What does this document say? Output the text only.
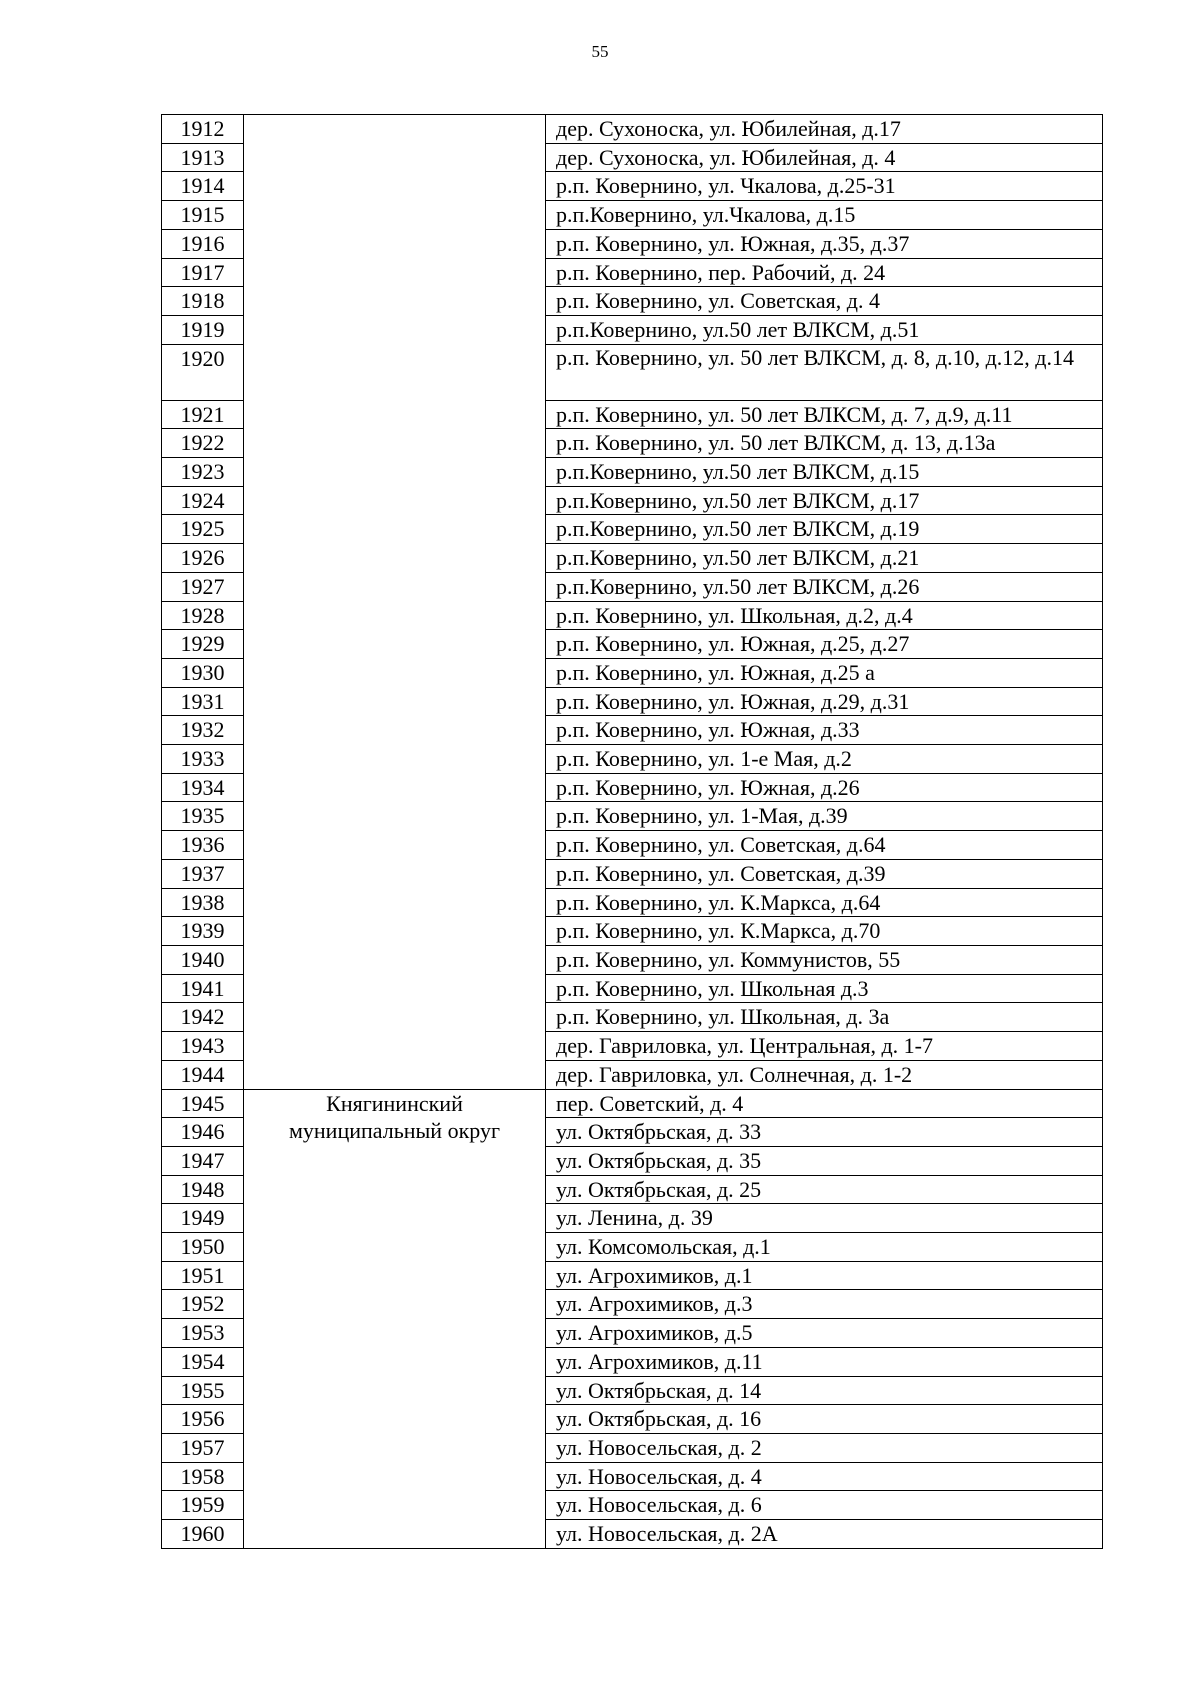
55
1912		дер. Сухоноска, ул. Юбилейная, д.17
1913		дер. Сухоноска, ул. Юбилейная, д. 4
1914		р.п. Ковернино, ул. Чкалова, д.25-31
1915		р.п.Ковернино, ул.Чкалова, д.15
1916		р.п. Ковернино, ул. Южная, д.35, д.37
1917		р.п. Ковернино, пер. Рабочий, д. 24
1918		р.п. Ковернино, ул. Советская, д. 4
1919		р.п.Ковернино, ул.50 лет ВЛКСМ, д.51
1920		р.п. Ковернино, ул. 50 лет ВЛКСМ, д. 8, д.10, д.12, д.14
1921		р.п. Ковернино, ул. 50 лет ВЛКСМ, д. 7, д.9, д.11
1922		р.п. Ковернино, ул. 50 лет ВЛКСМ, д. 13, д.13а
1923		р.п.Ковернино, ул.50 лет ВЛКСМ, д.15
1924		р.п.Ковернино, ул.50 лет ВЛКСМ, д.17
1925		р.п.Ковернино, ул.50 лет ВЛКСМ, д.19
1926		р.п.Ковернино, ул.50 лет ВЛКСМ, д.21
1927		р.п.Ковернино, ул.50 лет ВЛКСМ, д.26
1928		р.п. Ковернино, ул. Школьная, д.2, д.4
1929		р.п. Ковернино, ул. Южная, д.25, д.27
1930		р.п. Ковернино, ул. Южная, д.25 а
1931		р.п. Ковернино, ул. Южная, д.29, д.31
1932		р.п. Ковернино, ул. Южная, д.33
1933		р.п. Ковернино, ул. 1-е Мая, д.2
1934		р.п. Ковернино, ул. Южная, д.26
1935		р.п. Ковернино, ул. 1-Мая, д.39
1936		р.п. Ковернино, ул. Советская, д.64
1937		р.п. Ковернино, ул. Советская, д.39
1938		р.п. Ковернино, ул. К.Маркса, д.64
1939		р.п. Ковернино, ул. К.Маркса, д.70
1940		р.п. Ковернино, ул. Коммунистов, 55
1941		р.п. Ковернино, ул. Школьная д.3
1942		р.п. Ковернино, ул. Школьная, д. 3а
1943		дер. Гавриловка, ул. Центральная, д. 1-7
1944		дер. Гавриловка, ул. Солнечная, д. 1-2
1945	Княгининский
муниципальный округ	пер. Советский, д. 4
1946		ул. Октябрьская, д. 33
1947		ул. Октябрьская, д. 35
1948		ул. Октябрьская, д. 25
1949		ул. Ленина, д. 39
1950		ул. Комсомольская, д.1
1951		ул. Агрохимиков, д.1
1952		ул. Агрохимиков, д.3
1953		ул. Агрохимиков, д.5
1954		ул. Агрохимиков, д.11
1955		ул. Октябрьская, д. 14
1956		ул. Октябрьская, д. 16
1957		ул. Новосельская, д. 2
1958		ул. Новосельская, д. 4
1959		ул. Новосельская, д. 6
1960		ул. Новосельская, д. 2А
